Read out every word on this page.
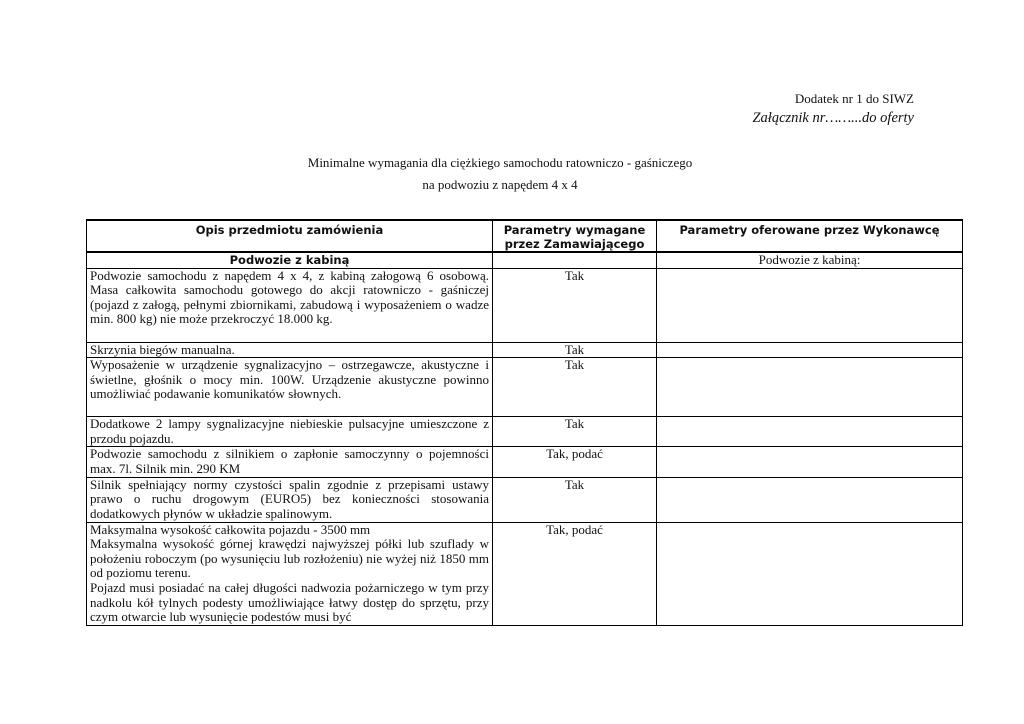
Dodatek nr 1 do SIWZ
Załącznik nr……...do oferty
Minimalne wymagania dla ciężkiego samochodu ratowniczo - gaśniczego
na podwoziu z napędem 4 x 4
Opis przedmiotu zamówienia	Parametry wymagane przez Zamawiającego	Parametry oferowane przez Wykonawcę
Podwozie z kabiną		Podwozie z kabiną:
Podwozie samochodu z napędem 4 x 4, z kabiną załogową 6 osobową. Masa całkowita samochodu gotowego do akcji ratowniczo - gaśniczej (pojazd z załogą, pełnymi zbiornikami, zabudową i wyposażeniem o wadze min. 800 kg) nie może przekroczyć 18.000 kg.	Tak	
Skrzynia biegów manualna.	Tak	
Wyposażenie w urządzenie sygnalizacyjno – ostrzegawcze, akustyczne i świetlne, głośnik o mocy min. 100W. Urządzenie akustyczne powinno umożliwiać podawanie komunikatów słownych.	Tak	
Dodatkowe 2 lampy sygnalizacyjne niebieskie pulsacyjne umieszczone z przodu pojazdu.	Tak	
Podwozie samochodu z silnikiem o zapłonie samoczynny o pojemności max. 7l. Silnik min. 290 KM	Tak, podać	
Silnik spełniający normy czystości spalin zgodnie z przepisami ustawy prawo o ruchu drogowym (EURO5) bez konieczności stosowania dodatkowych płynów w układzie spalinowym.	Tak	
Maksymalna wysokość całkowita pojazdu - 3500 mm
Maksymalna wysokość górnej krawędzi najwyższej półki lub szuflady w położeniu roboczym (po wysunięciu lub rozłożeniu) nie wyżej niż 1850 mm od poziomu terenu.
Pojazd musi posiadać na całej długości nadwozia pożarniczego w tym przy nadkolu kół tylnych podesty umożliwiające łatwy dostęp do sprzętu, przy czym otwarcie lub wysunięcie podestów musi być	Tak, podać	
